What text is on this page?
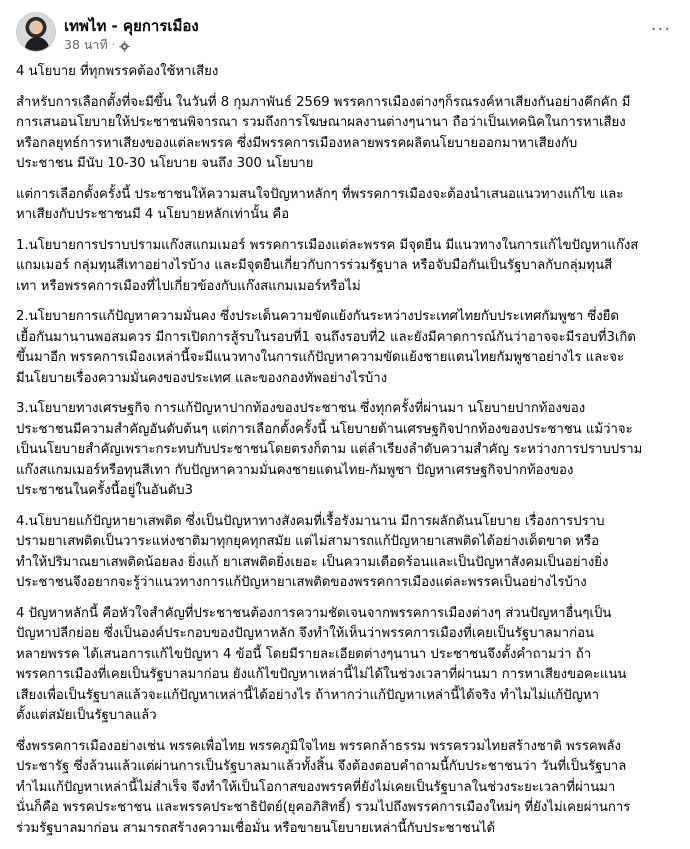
เทพไท - คุยการเมือง
38 นาที ·
···

4 นโยบาย ที่ทุกพรรคต้องใช้หาเสียง

สำหรับการเลือกตั้งที่จะมีขึ้น ในวันที่ 8 กุมภาพันธ์ 2569 พรรคการเมืองต่างๆก็รณรงค์หาเสียงกันอย่างคึกคัก มี
การเสนอนโยบายให้ประชาชนพิจารณา รวมถึงการโฆษณาผลงานต่างๆนานา ถือว่าเป็นเทคนิคในการหาเสียง
หรือกลยุทธ์การหาเสียงของแต่ละพรรค ซึ่งมีพรรคการเมืองหลายพรรคผลิตนโยบายออกมาหาเสียงกับ
ประชาชน มีนับ 10-30 นโยบาย จนถึง 300 นโยบาย

แต่การเลือกตั้งครั้งนี้ ประชาชนให้ความสนใจปัญหาหลักๆ ที่พรรคการเมืองจะต้องนำเสนอแนวทางแก้ไข และ
หาเสียงกับประชาชนมี 4 นโยบายหลักเท่านั้น คือ

1.นโยบายการปราบปรามแก๊งสแกมเมอร์ พรรคการเมืองแต่ละพรรค มีจุดยืน มีแนวทางในการแก้ไขปัญหาแก๊งส
แกมเมอร์ กลุ่มทุนสีเทาอย่างไรบ้าง และมีจุดยืนเกี่ยวกับการร่วมรัฐบาล หรือจับมือกันเป็นรัฐบาลกับกลุ่มทุนสี
เทา หรือพรรคการเมืองที่ไปเกี่ยวข้องกับแก๊งสแกมเมอร์หรือไม่

2.นโยบายการแก้ปัญหาความมั่นคง ซึ่งประเด็นความขัดแย้งกันระหว่างประเทศไทยกับประเทศกัมพูชา ซึ่งยืด
เยื้อกันมานานพอสมควร มีการเปิดการสู้รบในรอบที่1 จนถึงรอบที่2 และยังมีคาดการณ์กันว่าอาจจะมีรอบที่3เกิด
ขึ้นมาอีก พรรคการเมืองเหล่านี้จะมีแนวทางในการแก้ปัญหาความขัดแย้งชายแดนไทยกัมพูชาอย่างไร และจะ
มีนโยบายเรื่องความมั่นคงของประเทศ และของกองทัพอย่างไรบ้าง

3.นโยบายทางเศรษฐกิจ การแก้ปัญหาปากท้องของประชาชน ซึ่งทุกครั้งที่ผ่านมา นโยบายปากท้องของ
ประชาชนมีความสำคัญอันดับต้นๆ แต่การเลือกตั้งครั้งนี้ นโยบายด้านเศรษฐกิจปากท้องของประชาชน แม้ว่าจะ
เป็นนโยบายสำคัญเพราะกระทบกับประชาชนโดยตรงก็ตาม แต่ลำเรียงลำดับความสำคัญ ระหว่างการปราบปราม
แก๊งสแกมเมอร์หรือทุนสีเทา กับปัญหาความมั่นคงชายแดนไทย-กัมพูชา ปัญหาเศรษฐกิจปากท้องของ
ประชาชนในครั้งนี้อยู่ในอันดับ3

4.นโยบายแก้ปัญหายาเสพติด ซึ่งเป็นปัญหาทางสังคมที่เรื้อรังมานาน มีการผลักดันนโยบาย เรื่องการปราบ
ปรามยาเสพติดเป็นวาระแห่งชาติมาทุกยุคทุกสมัย แต่ไม่สามารถแก้ปัญหายาเสพติดได้อย่างเด็ดขาด หรือ
ทำให้ปริมาณยาเสพติดน้อยลง ยิ่งแก้ ยาเสพติดยิ่งเยอะ เป็นความเดือดร้อนและเป็นปัญหาสังคมเป็นอย่างยิ่ง
ประชาชนจึงอยากจะรู้ว่าแนวทางการแก้ปัญหายาเสพติดของพรรคการเมืองแต่ละพรรคเป็นอย่างไรบ้าง

4 ปัญหาหลักนี้ คือหัวใจสำคัญที่ประชาชนต้องการความชัดเจนจากพรรคการเมืองต่างๆ ส่วนปัญหาอื่นๆเป็น
ปัญหาปลีกย่อย ซึ่งเป็นองค์ประกอบของปัญหาหลัก จึงทำให้เห็นว่าพรรคการเมืองที่เคยเป็นรัฐบาลมาก่อน
หลายพรรค ได้เสนอการแก้ไขปัญหา 4 ข้อนี้ โดยมีรายละเอียดต่างๆนานา ประชาชนจึงตั้งคำถามว่า ถ้า
พรรคการเมืองที่เคยเป็นรัฐบาลมาก่อน ยังแก้ไขปัญหาเหล่านี้ไม่ได้ในช่วงเวลาที่ผ่านมา การหาเสียงขอคะแนน
เสียงเพื่อเป็นรัฐบาลแล้วจะแก้ปัญหาเหล่านี้ได้อย่างไร ถ้าหากว่าแก้ปัญหาเหล่านี้ได้จริง ทำไมไม่แก้ปัญหา
ตั้งแต่สมัยเป็นรัฐบาลแล้ว

ซึ่งพรรคการเมืองอย่างเช่น พรรคเพื่อไทย พรรคภูมิใจไทย พรรคกล้าธรรม พรรครวมไทยสร้างชาติ พรรคพลัง
ประชารัฐ ซึ่งล้วนแล้วแต่ผ่านการเป็นรัฐบาลมาแล้วทั้งสิ้น จึงต้องตอบคำถามนี้กับประชาชนว่า วันที่เป็นรัฐบาล
ทำไมแก้ปัญหาเหล่านี้ไม่สำเร็จ จึงทำให้เป็นโอกาสของพรรคที่ยังไม่เคยเป็นรัฐบาลในช่วงระยะเวลาที่ผ่านมา
นั่นก็คือ พรรคประชาชน และพรรคประชาธิปัตย์(ยุคอภิสิทธิ์) รวมไปถึงพรรคการเมืองใหม่ๆ ที่ยังไม่เคยผ่านการ
ร่วมรัฐบาลมาก่อน สามารถสร้างความเชื่อมั่น หรือขายนโยบายเหล่านี้กับประชาชนได้
